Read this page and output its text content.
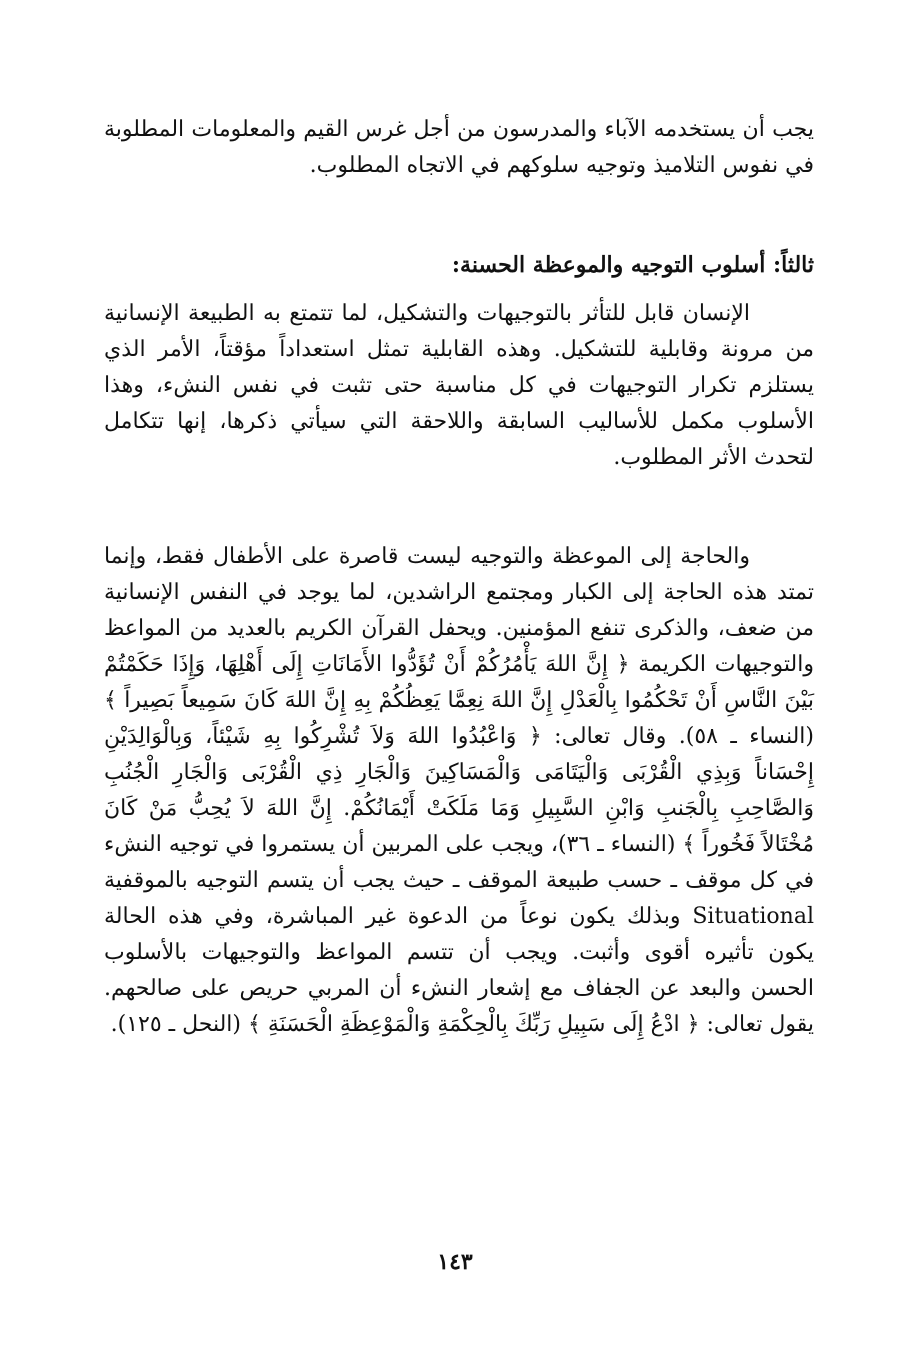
يجب أن يستخدمه الآباء والمدرسون من أجل غرس القيم والمعلومات المطلوبة في نفوس التلاميذ وتوجيه سلوكهم في الاتجاه المطلوب.

ثالثاً: أسلوب التوجيه والموعظة الحسنة:

الإنسان قابل للتأثر بالتوجيهات والتشكيل، لما تتمتع به الطبيعة الإنسانية من مرونة وقابلية للتشكيل. وهذه القابلية تمثل استعداداً مؤقتاً، الأمر الذي يستلزم تكرار التوجيهات في كل مناسبة حتى تثبت في نفس النشء، وهذا الأسلوب مكمل للأساليب السابقة واللاحقة التي سيأتي ذكرها، إنها تتكامل لتحدث الأثر المطلوب.

والحاجة إلى الموعظة والتوجيه ليست قاصرة على الأطفال فقط، وإنما تمتد هذه الحاجة إلى الكبار ومجتمع الراشدين، لما يوجد في النفس الإنسانية من ضعف، والذكرى تنفع المؤمنين. ويحفل القرآن الكريم بالعديد من المواعظ والتوجيهات الكريمة ﴿ إِنَّ اللهَ يَأْمُرُكُمْ أَنْ تُؤَدُّوا الأَمَانَاتِ إِلَى أَهْلِهَا، وَإِذَا حَكَمْتُمْ بَيْنَ النَّاسِ أَنْ تَحْكُمُوا بِالْعَدْلِ إِنَّ اللهَ نِعِمَّا يَعِظُكُمْ بِهِ إِنَّ اللهَ كَانَ سَمِيعاً بَصِيراً ﴾ (النساء ـ ٥٨). وقال تعالى: ﴿ وَاعْبُدُوا اللهَ وَلاَ تُشْرِكُوا بِهِ شَيْئاً، وَبِالْوَالِدَيْنِ إِحْسَاناً وَبِذِي الْقُرْبَى وَالْيَتَامَى وَالْمَسَاكِينَ وَالْجَارِ ذِي الْقُرْبَى وَالْجَارِ الْجُنُبِ وَالصَّاحِبِ بِالْجَنبِ وَابْنِ السَّبِيلِ وَمَا مَلَكَتْ أَيْمَانُكُمْ. إِنَّ اللهَ لاَ يُحِبُّ مَنْ كَانَ مُخْتَالاً فَخُوراً ﴾ (النساء ـ ٣٦)، ويجب على المربين أن يستمروا في توجيه النشء في كل موقف ـ حسب طبيعة الموقف ـ حيث يجب أن يتسم التوجيه بالموقفية Situational وبذلك يكون نوعاً من الدعوة غير المباشرة، وفي هذه الحالة يكون تأثيره أقوى وأثبت. ويجب أن تتسم المواعظ والتوجيهات بالأسلوب الحسن والبعد عن الجفاف مع إشعار النشء أن المربي حريص على صالحهم. يقول تعالى: ﴿ ادْعُ إِلَى سَبِيلِ رَبِّكَ بِالْحِكْمَةِ وَالْمَوْعِظَةِ الْحَسَنَةِ ﴾ (النحل ـ ١٢٥).

١٤٣
